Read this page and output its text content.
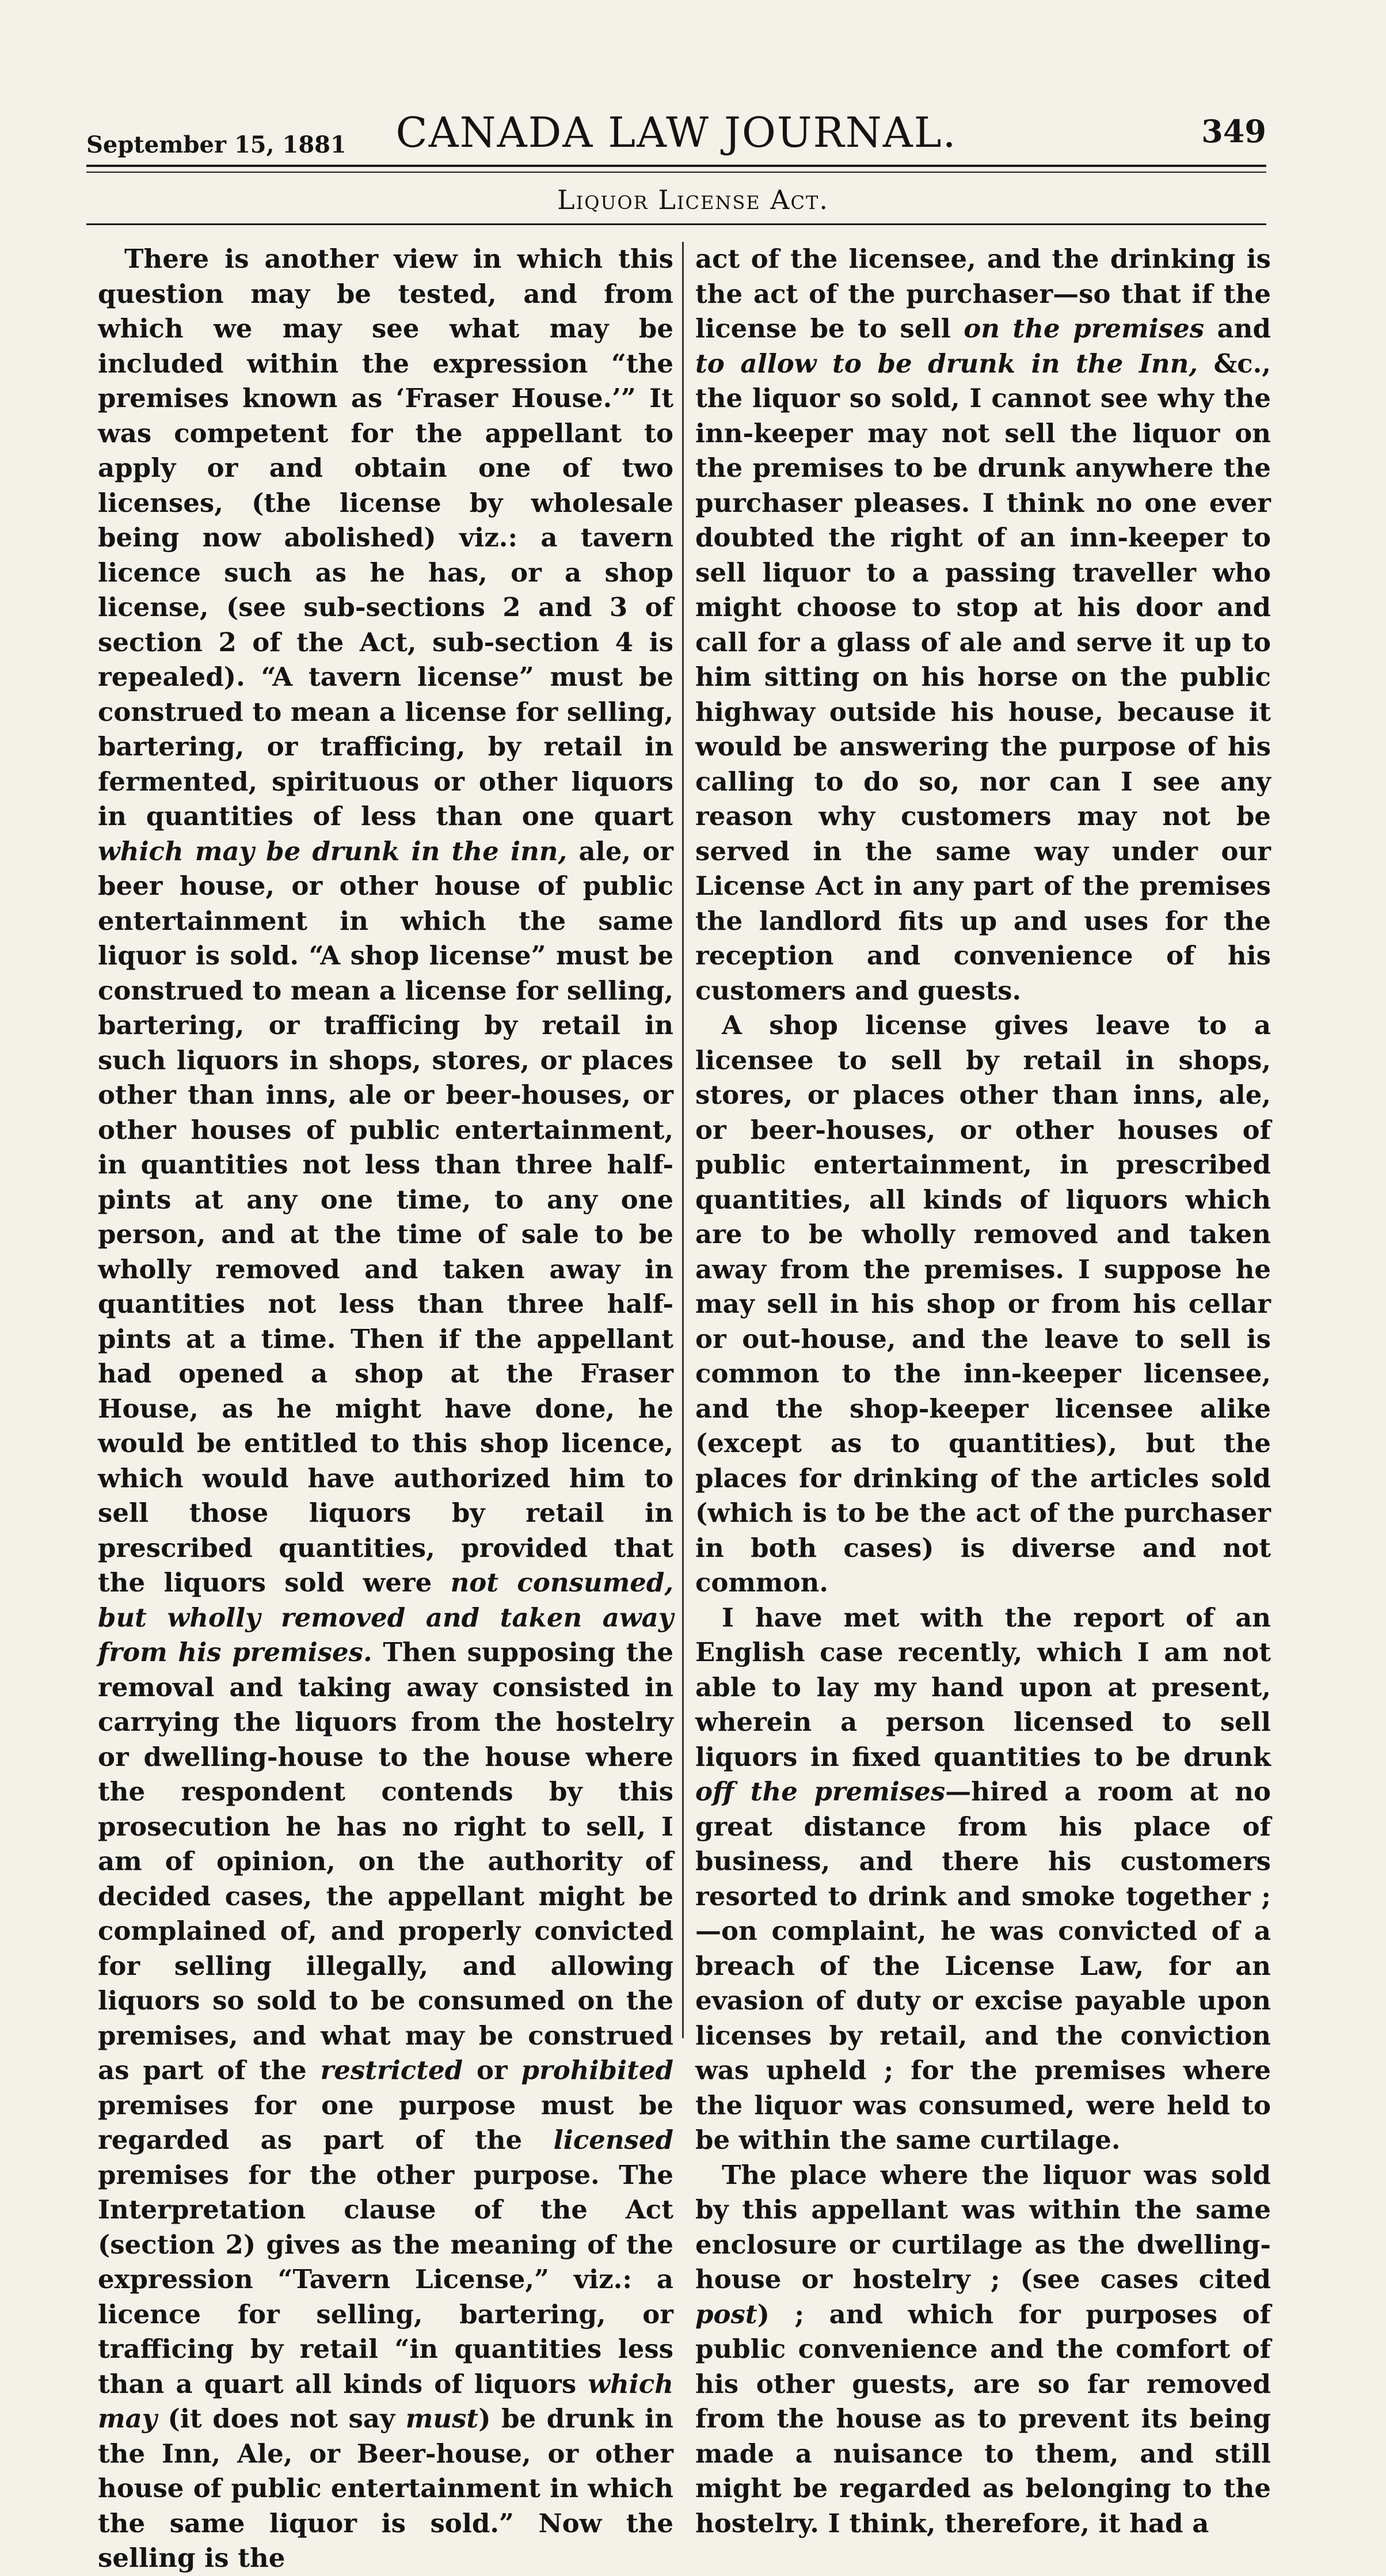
September 15, 1881	CANADA LAW JOURNAL.	349
Liquor License Act.

There is another view in which this question may be tested, and from which we may see what may be included within the expression “the premises known as ‘Fraser House.’” It was competent for the appellant to apply or and obtain one of two licenses, (the license by wholesale being now abolished) viz.: a tavern licence such as he has, or a shop license, (see sub-sections 2 and 3 of section 2 of the Act, sub-section 4 is repealed). “A tavern license” must be construed to mean a license for selling, bartering, or trafficing, by retail in fermented, spirituous or other liquors in quantities of less than one quart which may be drunk in the inn, ale, or beer house, or other house of public entertainment in which the same liquor is sold. “A shop license” must be construed to mean a license for selling, bartering, or trafficing by retail in such liquors in shops, stores, or places other than inns, ale or beer-houses, or other houses of public entertainment, in quantities not less than three half-pints at any one time, to any one person, and at the time of sale to be wholly removed and taken away in quantities not less than three half-pints at a time. Then if the appellant had opened a shop at the Fraser House, as he might have done, he would be entitled to this shop licence, which would have authorized him to sell those liquors by retail in prescribed quantities, provided that the liquors sold were not consumed, but wholly removed and taken away from his premises. Then supposing the removal and taking away consisted in carrying the liquors from the hostelry or dwelling-house to the house where the respondent contends by this prosecution he has no right to sell, I am of opinion, on the authority of decided cases, the appellant might be complained of, and properly convicted for selling illegally, and allowing liquors so sold to be consumed on the premises, and what may be construed as part of the restricted or prohibited premises for one purpose must be regarded as part of the licensed premises for the other purpose. The Interpretation clause of the Act (section 2) gives as the meaning of the expression “Tavern License,” viz.: a licence for selling, bartering, or trafficing by retail “in quantities less than a quart all kinds of liquors which may (it does not say must) be drunk in the Inn, Ale, or Beer-house, or other house of public entertainment in which the same liquor is sold.” Now the selling is the

act of the licensee, and the drinking is the act of the purchaser—so that if the license be to sell on the premises and to allow to be drunk in the Inn, &c., the liquor so sold, I cannot see why the inn-keeper may not sell the liquor on the premises to be drunk anywhere the purchaser pleases. I think no one ever doubted the right of an inn-keeper to sell liquor to a passing traveller who might choose to stop at his door and call for a glass of ale and serve it up to him sitting on his horse on the public highway outside his house, because it would be answering the purpose of his calling to do so, nor can I see any reason why customers may not be served in the same way under our License Act in any part of the premises the landlord fits up and uses for the reception and convenience of his customers and guests.

A shop license gives leave to a licensee to sell by retail in shops, stores, or places other than inns, ale, or beer-houses, or other houses of public entertainment, in prescribed quantities, all kinds of liquors which are to be wholly removed and taken away from the premises. I suppose he may sell in his shop or from his cellar or out-house, and the leave to sell is common to the inn-keeper licensee, and the shop-keeper licensee alike (except as to quantities), but the places for drinking of the articles sold (which is to be the act of the purchaser in both cases) is diverse and not common.

I have met with the report of an English case recently, which I am not able to lay my hand upon at present, wherein a person licensed to sell liquors in fixed quantities to be drunk off the premises—hired a room at no great distance from his place of business, and there his customers resorted to drink and smoke together ;—on complaint, he was convicted of a breach of the License Law, for an evasion of duty or excise payable upon licenses by retail, and the conviction was upheld ; for the premises where the liquor was consumed, were held to be within the same curtilage.

The place where the liquor was sold by this appellant was within the same enclosure or curtilage as the dwelling-house or hostelry ; (see cases cited post) ; and which for purposes of public convenience and the comfort of his other guests, are so far removed from the house as to prevent its being made a nuisance to them, and still might be regarded as belonging to the hostelry. I think, therefore, it had a
